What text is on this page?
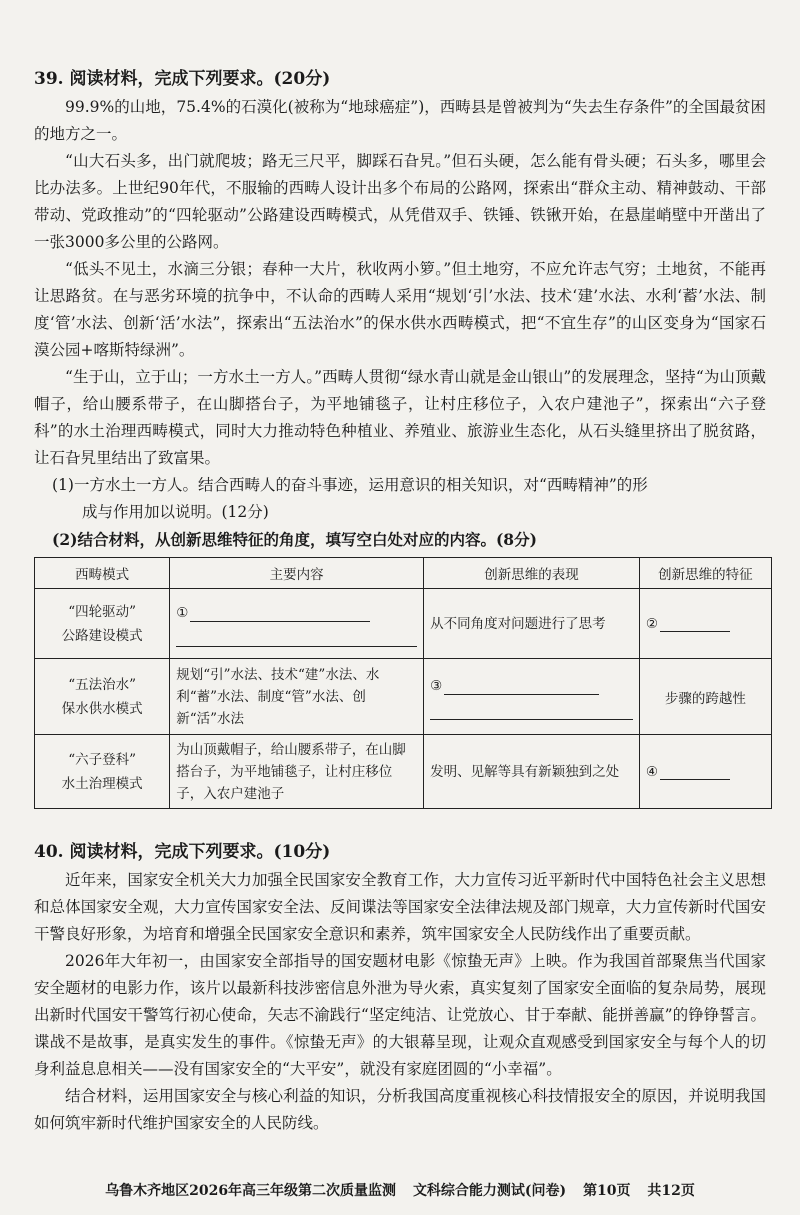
39. 阅读材料，完成下列要求。(20分)

99.9%的山地，75.4%的石漠化(被称为“地球癌症”)，西畴县是曾被判为“失去生存条件”的全国最贫困的地方之一。

“山大石头多，出门就爬坡；路无三尺平，脚踩石旮旯。”但石头硬，怎么能有骨头硬；石头多，哪里会比办法多。上世纪90年代，不服输的西畴人设计出多个布局的公路网，探索出“群众主动、精神鼓动、干部带动、党政推动”的“四轮驱动”公路建设西畴模式，从凭借双手、铁锤、铁锹开始，在悬崖峭壁中开凿出了一张3000多公里的公路网。

“低头不见土，水滴三分银；春种一大片，秋收两小箩。”但土地穷，不应允许志气穷；土地贫，不能再让思路贫。在与恶劣环境的抗争中，不认命的西畴人采用“规划‘引’水法、技术‘建’水法、水利‘蓄’水法、制度‘管’水法、创新‘活’水法”，探索出“五法治水”的保水供水西畴模式，把“不宜生存”的山区变身为“国家石漠公园+喀斯特绿洲”。

“生于山，立于山；一方水土一方人。”西畴人贯彻“绿水青山就是金山银山”的发展理念，坚持“为山顶戴帽子，给山腰系带子，在山脚搭台子，为平地铺毯子，让村庄移位子，入农户建池子”，探索出“六子登科”的水土治理西畴模式，同时大力推动特色种植业、养殖业、旅游业生态化，从石头缝里挤出了脱贫路，让石旮旯里结出了致富果。

(1)一方水土一方人。结合西畴人的奋斗事迹，运用意识的相关知识，对“西畴精神”的形
成与作用加以说明。(12分)

(2)结合材料，从创新思维特征的角度，填写空白处对应的内容。(8分)

西畴模式	主要内容	创新思维的表现	创新思维的特征

“四轮驱动”
公路建设模式	①	从不同角度对问题进行了思考	②

“五法治水”
保水供水模式	规划“引”水法、技术“建”水法、水利“蓄”水法、制度“管”水法、创新“活”水法	③	步骤的跨越性

“六子登科”
水土治理模式	为山顶戴帽子，给山腰系带子，在山脚搭台子，为平地铺毯子，让村庄移位子，入农户建池子	发明、见解等具有新颖独到之处	④
40. 阅读材料，完成下列要求。(10分)

近年来，国家安全机关大力加强全民国家安全教育工作，大力宣传习近平新时代中国特色社会主义思想和总体国家安全观，大力宣传国家安全法、反间谍法等国家安全法律法规及部门规章，大力宣传新时代国安干警良好形象，为培育和增强全民国家安全意识和素养，筑牢国家安全人民防线作出了重要贡献。

2026年大年初一，由国家安全部指导的国安题材电影《惊蛰无声》上映。作为我国首部聚焦当代国家安全题材的电影力作，该片以最新科技涉密信息外泄为导火索，真实复刻了国家安全面临的复杂局势，展现出新时代国安干警笃行初心使命，矢志不渝践行“坚定纯洁、让党放心、甘于奉献、能拼善赢”的铮铮誓言。谍战不是故事，是真实发生的事件。《惊蛰无声》的大银幕呈现，让观众直观感受到国家安全与每个人的切身利益息息相关——没有国家安全的“大平安”，就没有家庭团圆的“小幸福”。

结合材料，运用国家安全与核心利益的知识，分析我国高度重视核心科技情报安全的原因，并说明我国如何筑牢新时代维护国家安全的人民防线。

乌鲁木齐地区2026年高三年级第二次质量监测 文科综合能力测试(问卷) 第10页 共12页
